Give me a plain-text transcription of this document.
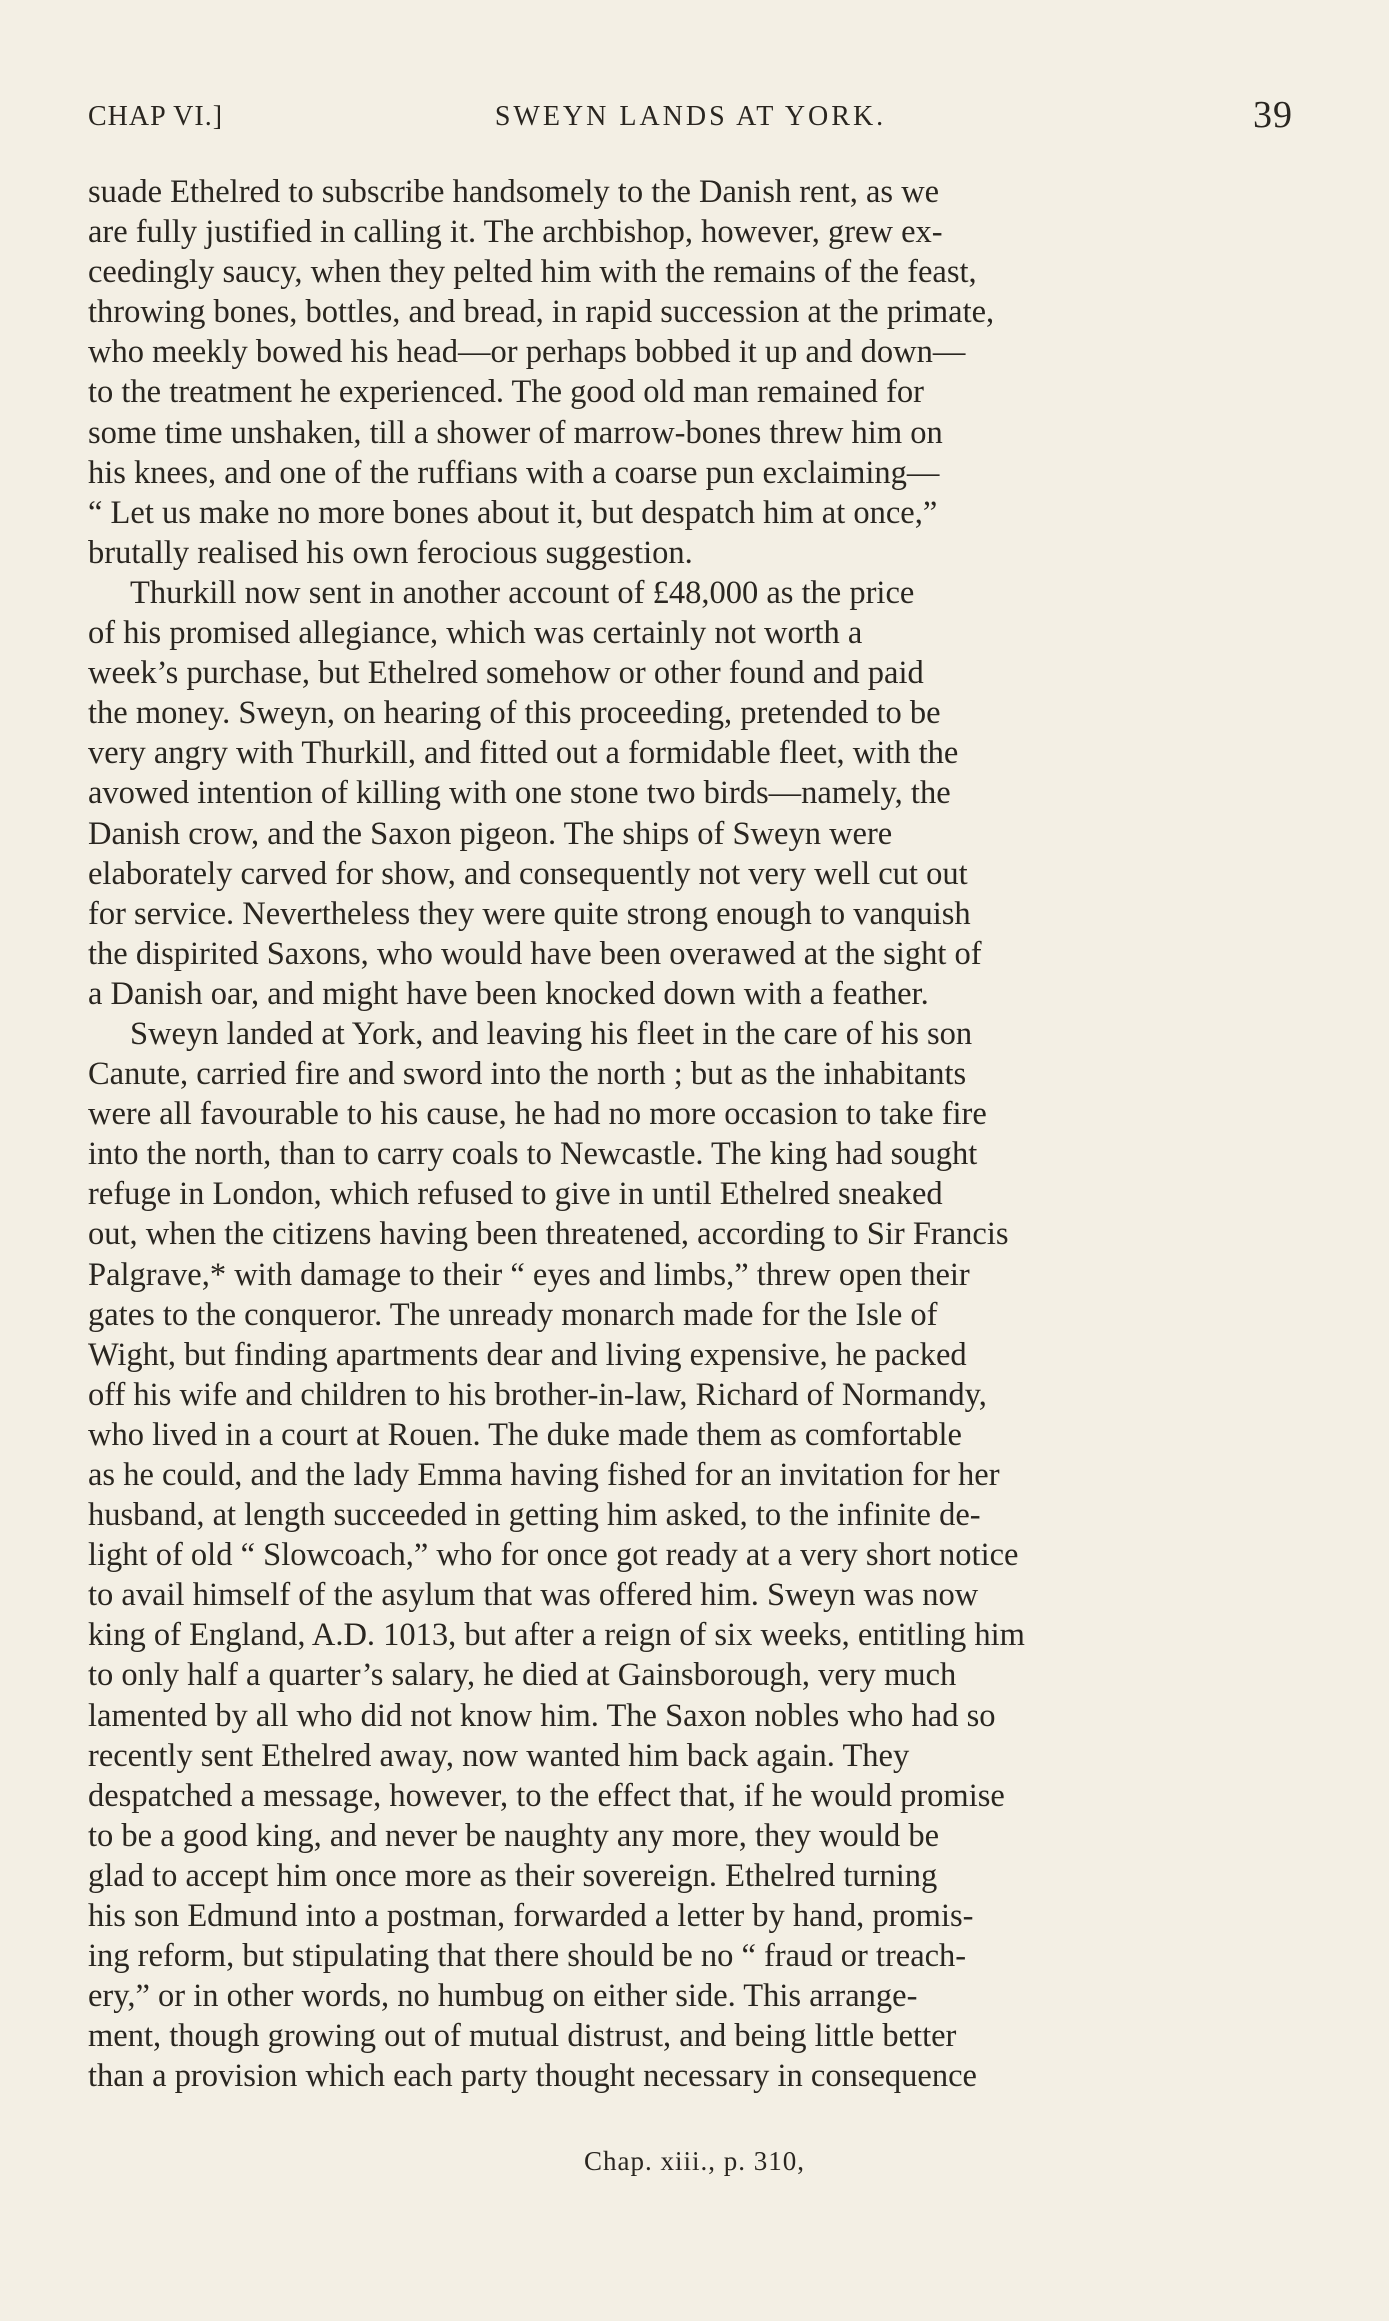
CHAP VI.]	SWEYN LANDS AT YORK.	39
suade Ethelred to subscribe handsomely to the Danish rent, as we
are fully justified in calling it. The archbishop, however, grew ex-
ceedingly saucy, when they pelted him with the remains of the feast,
throwing bones, bottles, and bread, in rapid succession at the primate,
who meekly bowed his head—or perhaps bobbed it up and down—
to the treatment he experienced. The good old man remained for
some time unshaken, till a shower of marrow-bones threw him on
his knees, and one of the ruffians with a coarse pun exclaiming—
“ Let us make no more bones about it, but despatch him at once,”
brutally realised his own ferocious suggestion.
Thurkill now sent in another account of £48,000 as the price
of his promised allegiance, which was certainly not worth a
week’s purchase, but Ethelred somehow or other found and paid
the money. Sweyn, on hearing of this proceeding, pretended to be
very angry with Thurkill, and fitted out a formidable fleet, with the
avowed intention of killing with one stone two birds—namely, the
Danish crow, and the Saxon pigeon. The ships of Sweyn were
elaborately carved for show, and consequently not very well cut out
for service. Nevertheless they were quite strong enough to vanquish
the dispirited Saxons, who would have been overawed at the sight of
a Danish oar, and might have been knocked down with a feather.
Sweyn landed at York, and leaving his fleet in the care of his son
Canute, carried fire and sword into the north ; but as the inhabitants
were all favourable to his cause, he had no more occasion to take fire
into the north, than to carry coals to Newcastle. The king had sought
refuge in London, which refused to give in until Ethelred sneaked
out, when the citizens having been threatened, according to Sir Francis
Palgrave,* with damage to their “ eyes and limbs,” threw open their
gates to the conqueror. The unready monarch made for the Isle of
Wight, but finding apartments dear and living expensive, he packed
off his wife and children to his brother-in-law, Richard of Normandy,
who lived in a court at Rouen. The duke made them as comfortable
as he could, and the lady Emma having fished for an invitation for her
husband, at length succeeded in getting him asked, to the infinite de-
light of old “ Slowcoach,” who for once got ready at a very short notice
to avail himself of the asylum that was offered him. Sweyn was now
king of England, A.D. 1013, but after a reign of six weeks, entitling him
to only half a quarter’s salary, he died at Gainsborough, very much
lamented by all who did not know him. The Saxon nobles who had so
recently sent Ethelred away, now wanted him back again. They
despatched a message, however, to the effect that, if he would promise
to be a good king, and never be naughty any more, they would be
glad to accept him once more as their sovereign. Ethelred turning
his son Edmund into a postman, forwarded a letter by hand, promis-
ing reform, but stipulating that there should be no “ fraud or treach-
ery,” or in other words, no humbug on either side. This arrange-
ment, though growing out of mutual distrust, and being little better
than a provision which each party thought necessary in consequence
Chap. xiii., p. 310,
